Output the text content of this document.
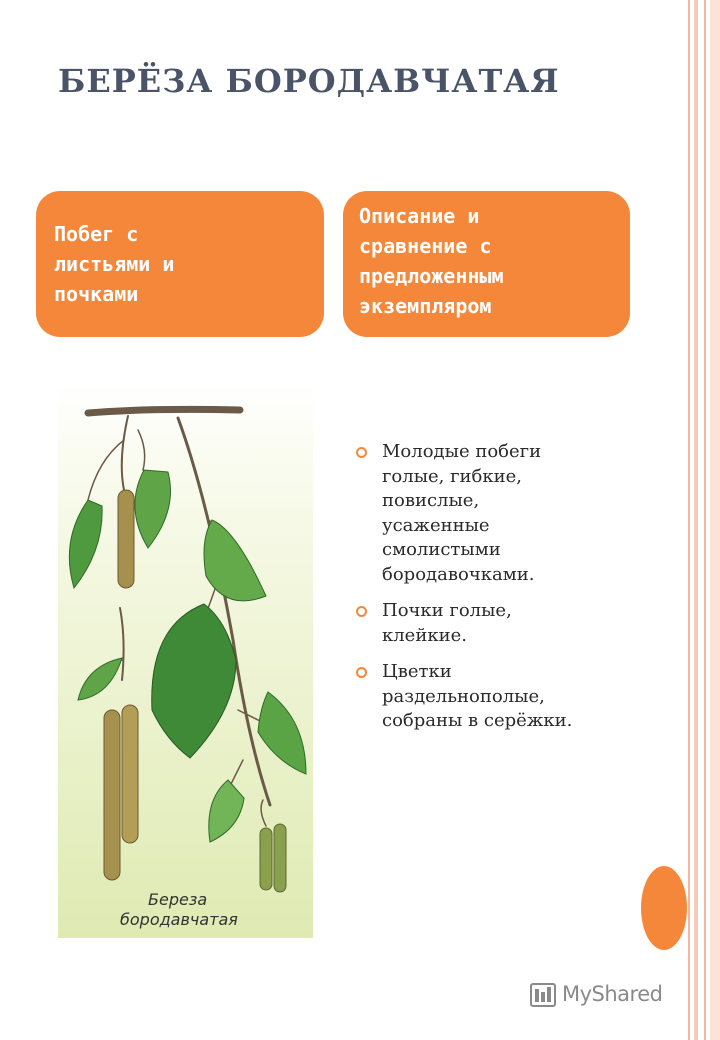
БЕРЁЗА БОРОДАВЧАТАЯ
Побег с
листьями и
почками
Описание и
сравнение с
предложенным
экземпляром
Береза
бородавчатая
Молодые побеги
голые, гибкие,
повислые,
усаженные
смолистыми
бородавочками.
Почки голые,
клейкие.
Цветки
раздельнополые,
собраны в серёжки.
MyShared
